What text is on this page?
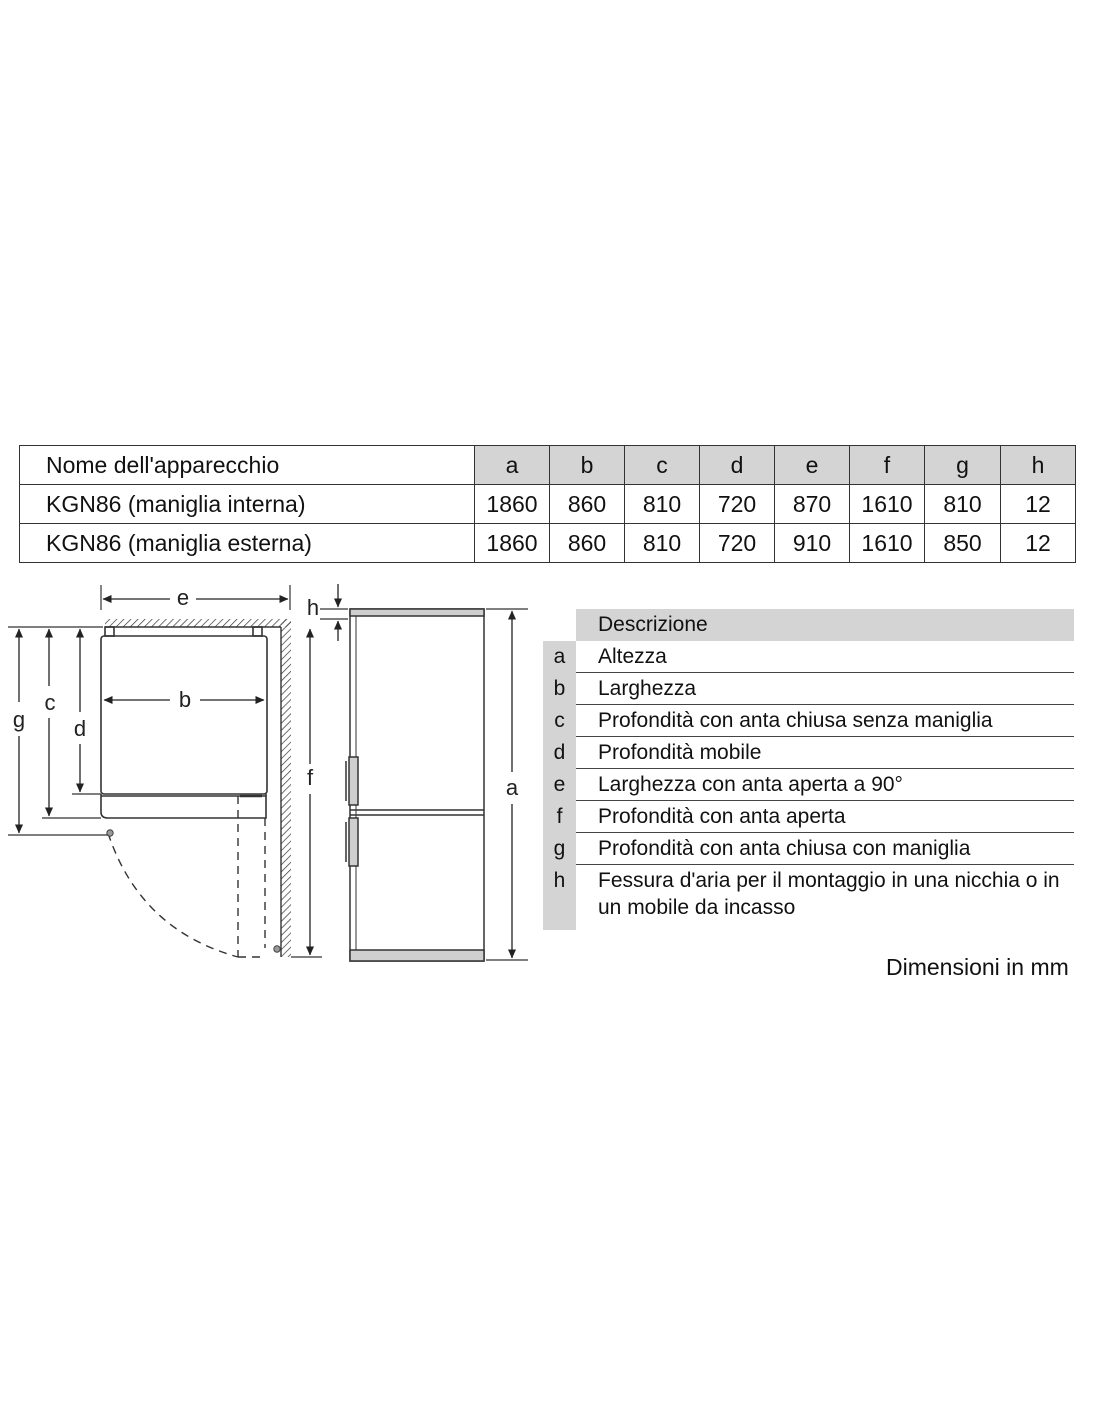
Nome dell'apparecchio	a	b	c	d	e	f	g	h
KGN86 (maniglia interna)	1860	860	810	720	870	1610	810	12
KGN86 (maniglia esterna)	1860	860	810	720	910	1610	850	12
e
b
g
c
d
f
h
a
	Descrizione
a	Altezza
b	Larghezza
c	Profondità con anta chiusa senza maniglia
d	Profondità mobile
e	Larghezza con anta aperta a 90°
f	Profondità con anta aperta
g	Profondità con anta chiusa con maniglia
h	Fessura d'aria per il montaggio in una nicchia o in un mobile da incasso
Dimensioni in mm
